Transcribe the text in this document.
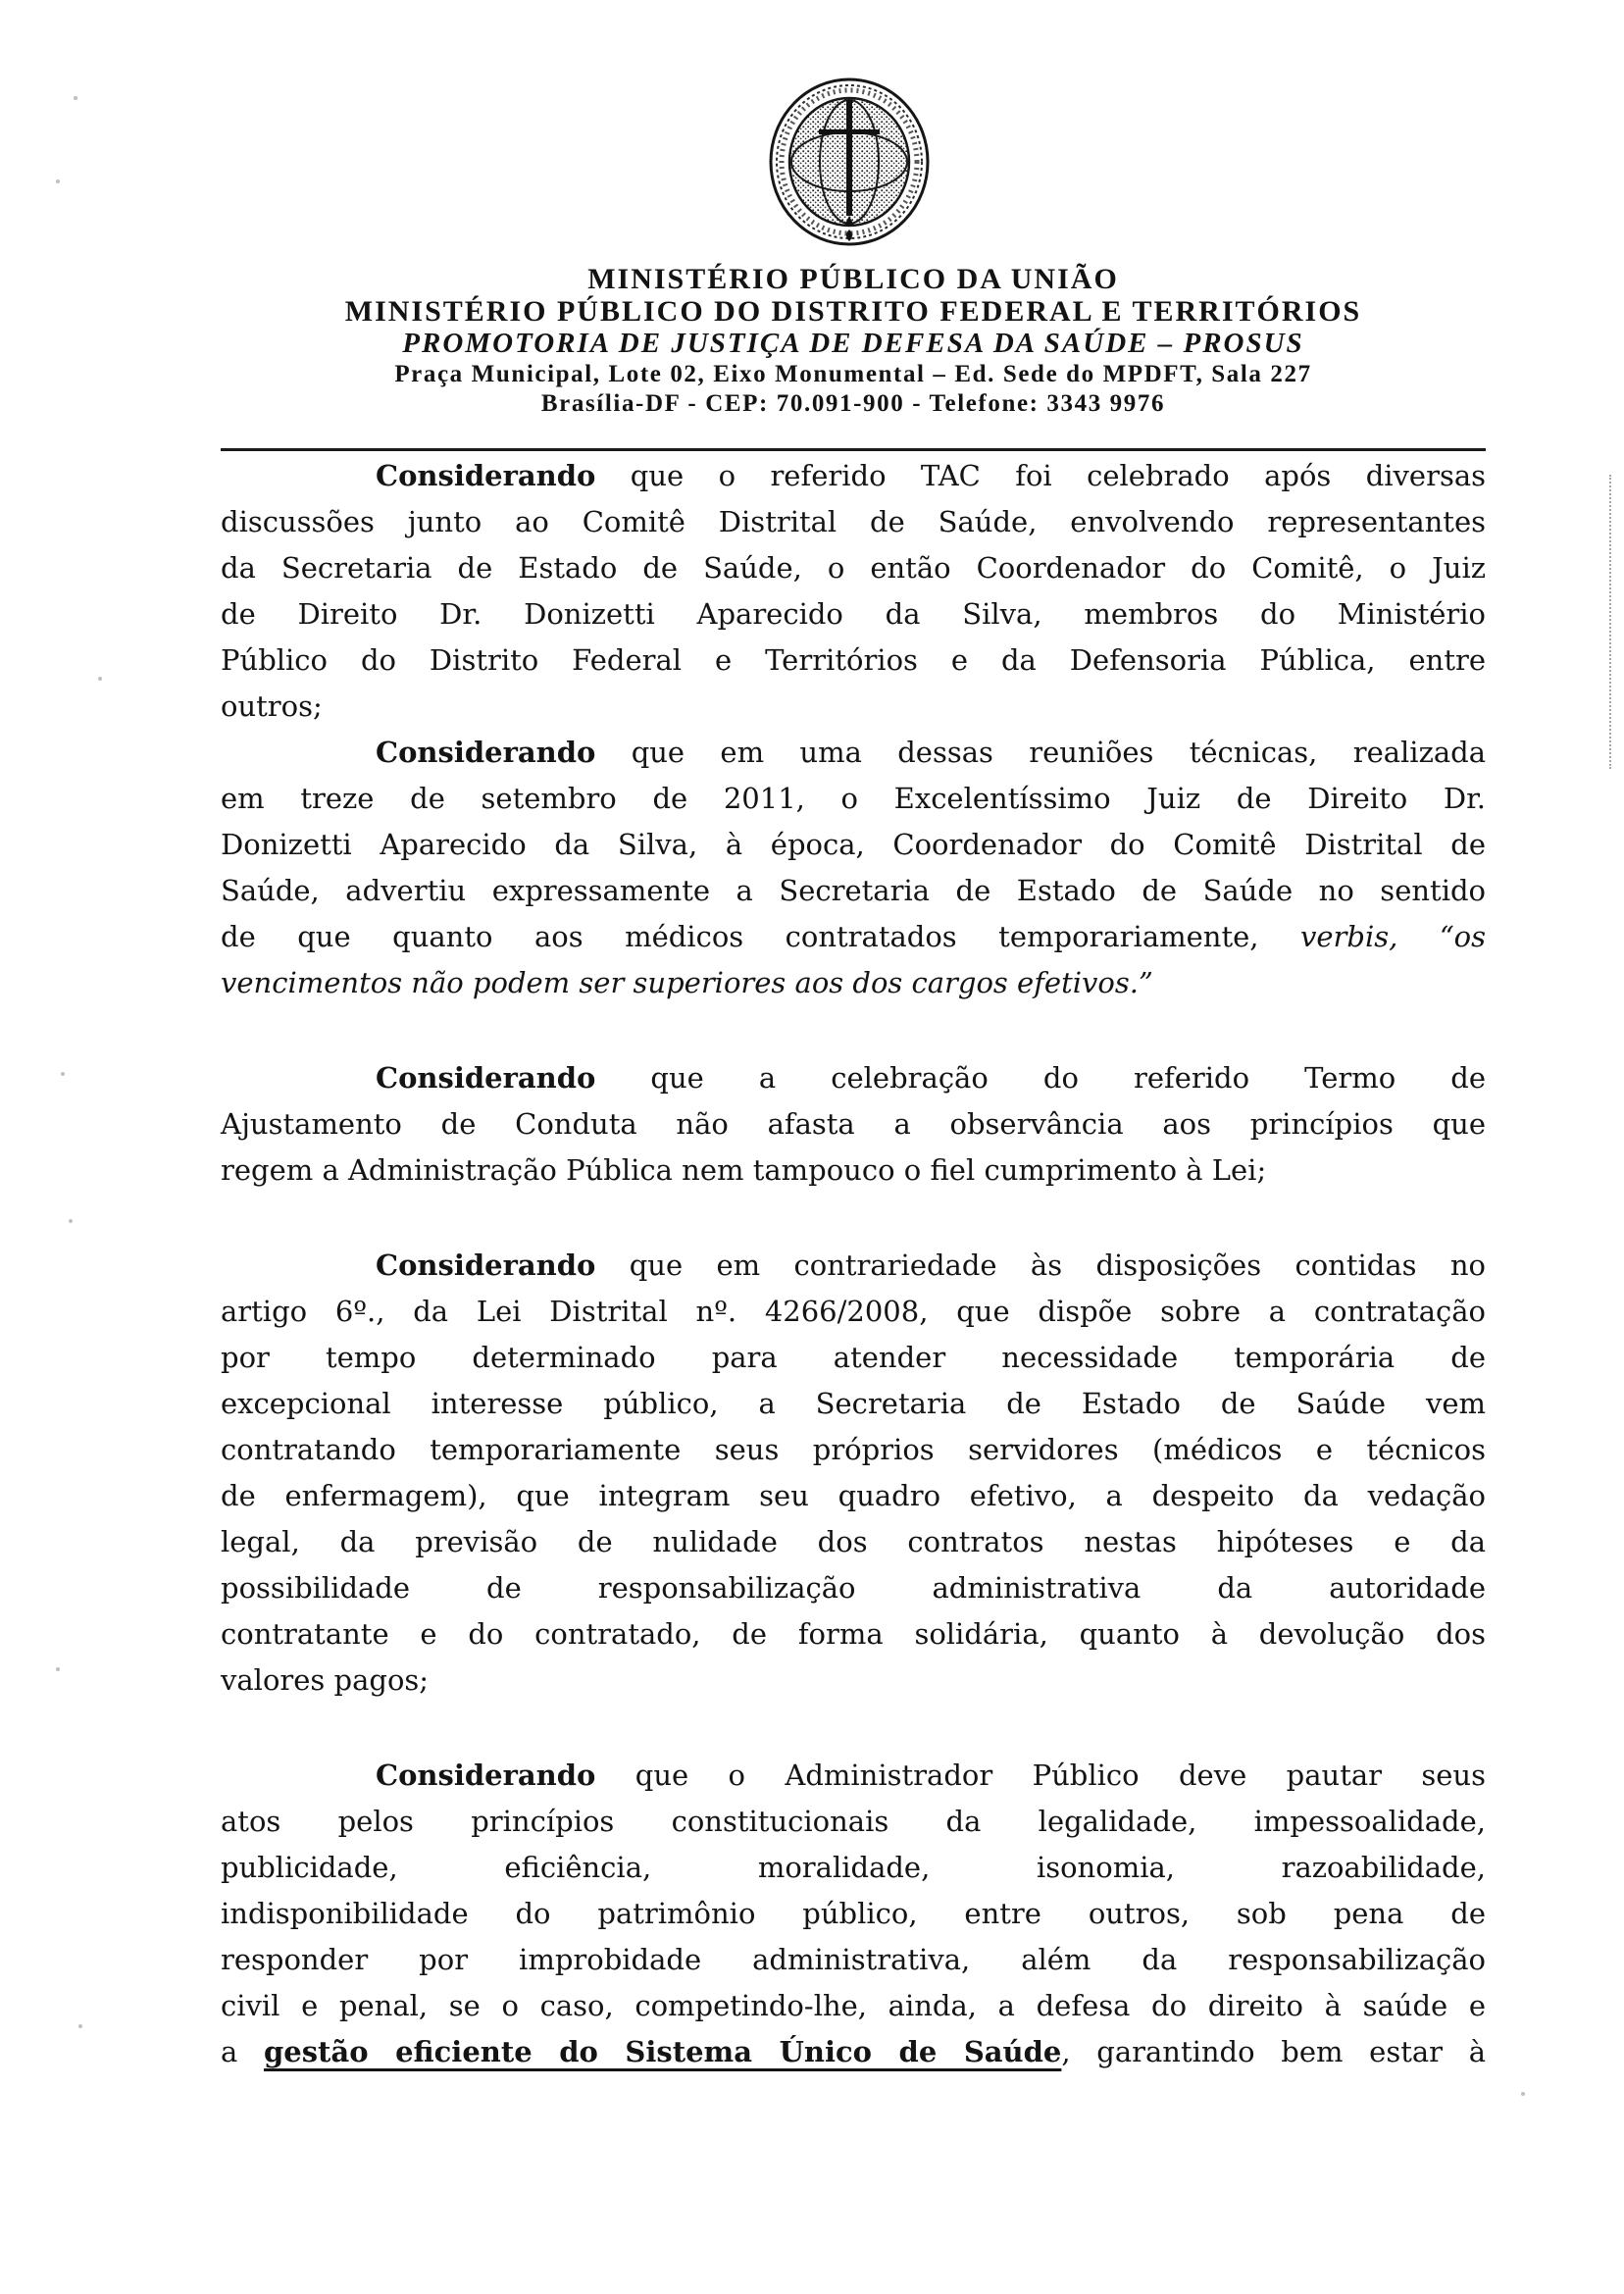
MINISTÉRIO PÚBLICO DA UNIÃO
MINISTÉRIO PÚBLICO DO DISTRITO FEDERAL E TERRITÓRIOS
PROMOTORIA DE JUSTIÇA DE DEFESA DA SAÚDE – PROSUS
Praça Municipal, Lote 02, Eixo Monumental – Ed. Sede do MPDFT, Sala 227
Brasília-DF - CEP: 70.091-900 - Telefone: 3343 9976
Considerando que o referido TAC foi celebrado após diversas
discussões junto ao Comitê Distrital de Saúde, envolvendo representantes
da Secretaria de Estado de Saúde, o então Coordenador do Comitê, o Juiz
de Direito Dr. Donizetti Aparecido da Silva, membros do Ministério
Público do Distrito Federal e Territórios e da Defensoria Pública, entre
outros;
Considerando que em uma dessas reuniões técnicas, realizada
em treze de setembro de 2011, o Excelentíssimo Juiz de Direito Dr.
Donizetti Aparecido da Silva, à época, Coordenador do Comitê Distrital de
Saúde, advertiu expressamente a Secretaria de Estado de Saúde no sentido
de que quanto aos médicos contratados temporariamente, verbis, “os
vencimentos não podem ser superiores aos dos cargos efetivos.”
Considerando que a celebração do referido Termo de
Ajustamento de Conduta não afasta a observância aos princípios que
regem a Administração Pública nem tampouco o fiel cumprimento à Lei;
Considerando que em contrariedade às disposições contidas no
artigo 6º., da Lei Distrital nº. 4266/2008, que dispõe sobre a contratação
por tempo determinado para atender necessidade temporária de
excepcional interesse público, a Secretaria de Estado de Saúde vem
contratando temporariamente seus próprios servidores (médicos e técnicos
de enfermagem), que integram seu quadro efetivo, a despeito da vedação
legal, da previsão de nulidade dos contratos nestas hipóteses e da
possibilidade de responsabilização administrativa da autoridade
contratante e do contratado, de forma solidária, quanto à devolução dos
valores pagos;
Considerando que o Administrador Público deve pautar seus
atos pelos princípios constitucionais da legalidade, impessoalidade,
publicidade, eficiência, moralidade, isonomia, razoabilidade,
indisponibilidade do patrimônio público, entre outros, sob pena de
responder por improbidade administrativa, além da responsabilização
civil e penal, se o caso, competindo-lhe, ainda, a defesa do direito à saúde e
a gestão eficiente do Sistema Único de Saúde, garantindo bem estar à
